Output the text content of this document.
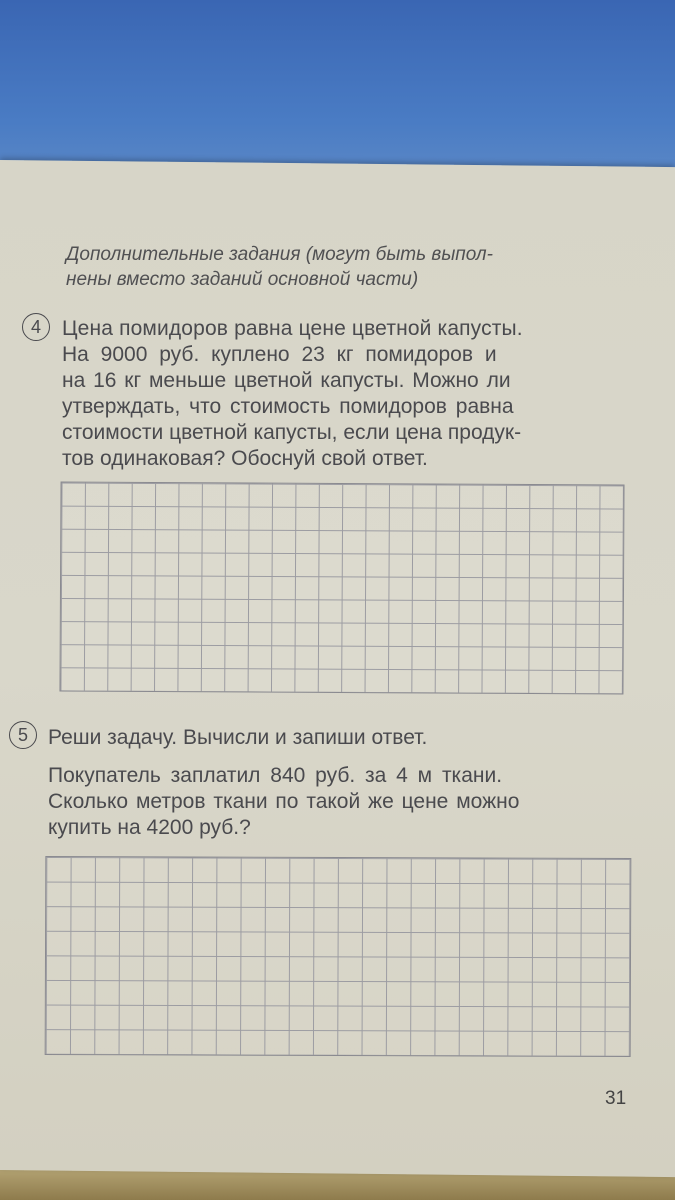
Дополнительные задания (могут быть выпол-
нены вместо заданий основной части)
4	Цена помидоров равна цене цветной капусты.
На 9000 руб. куплено 23 кг помидоров и
на 16 кг меньше цветной капусты. Можно ли
утверждать, что стоимость помидоров равна
стоимости цветной капусты, если цена продук-
тов одинаковая? Обоснуй свой ответ.
5 Реши задачу. Вычисли и запиши ответ.
Покупатель заплатил 840 руб. за 4 м ткани.
Сколько метров ткани по такой же цене можно
купить на 4200 руб.?
31
